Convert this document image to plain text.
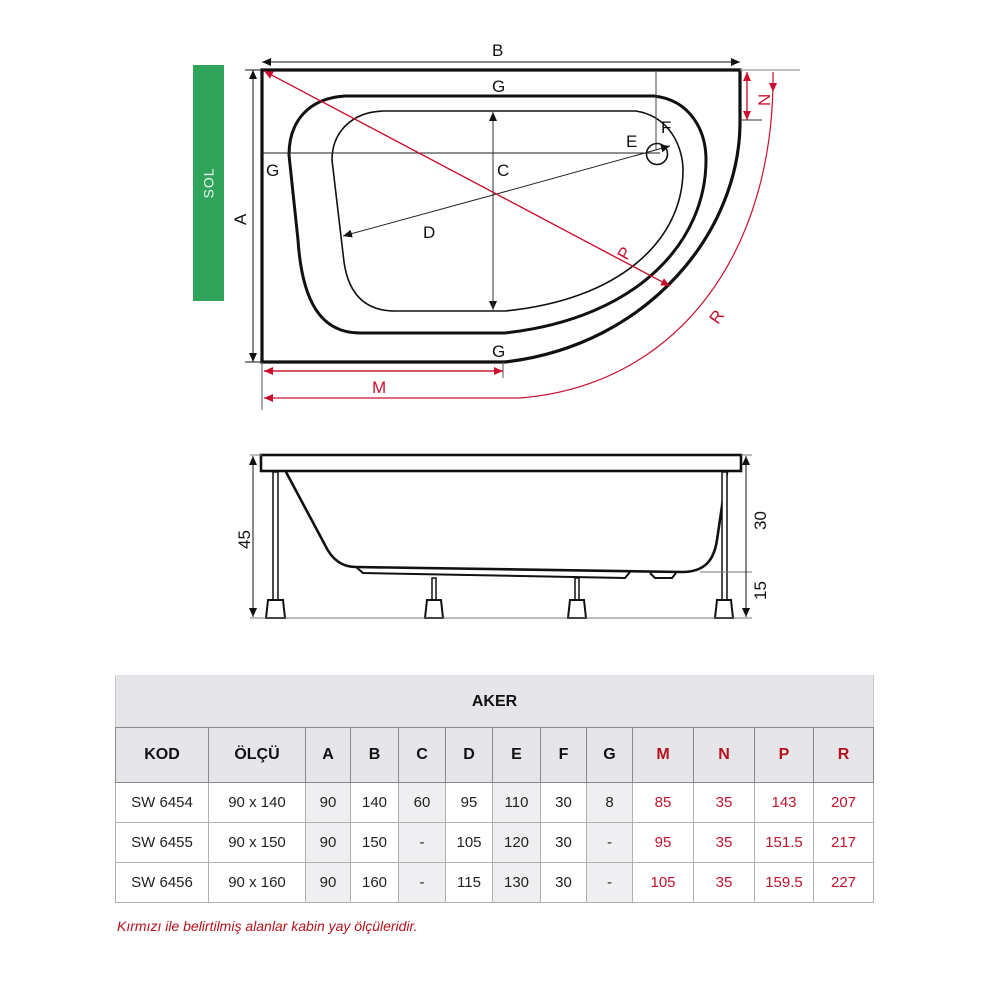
SOL
B
A
C
D
E
F
G
G
G
P
N
R
M
45
30
15
AKER												
KOD	ÖLÇÜ	A	B	C	D	E	F	G	M	N	P	R
SW 6454	90 x 140	90	140	60	95	110	30	8	85	35	143	207
SW 6455	90 x 150	90	150	-	105	120	30	-	95	35	151.5	217
SW 6456	90 x 160	90	160	-	115	130	30	-	105	35	159.5	227
Kırmızı ile belirtilmiş alanlar kabin yay ölçüleridir.
